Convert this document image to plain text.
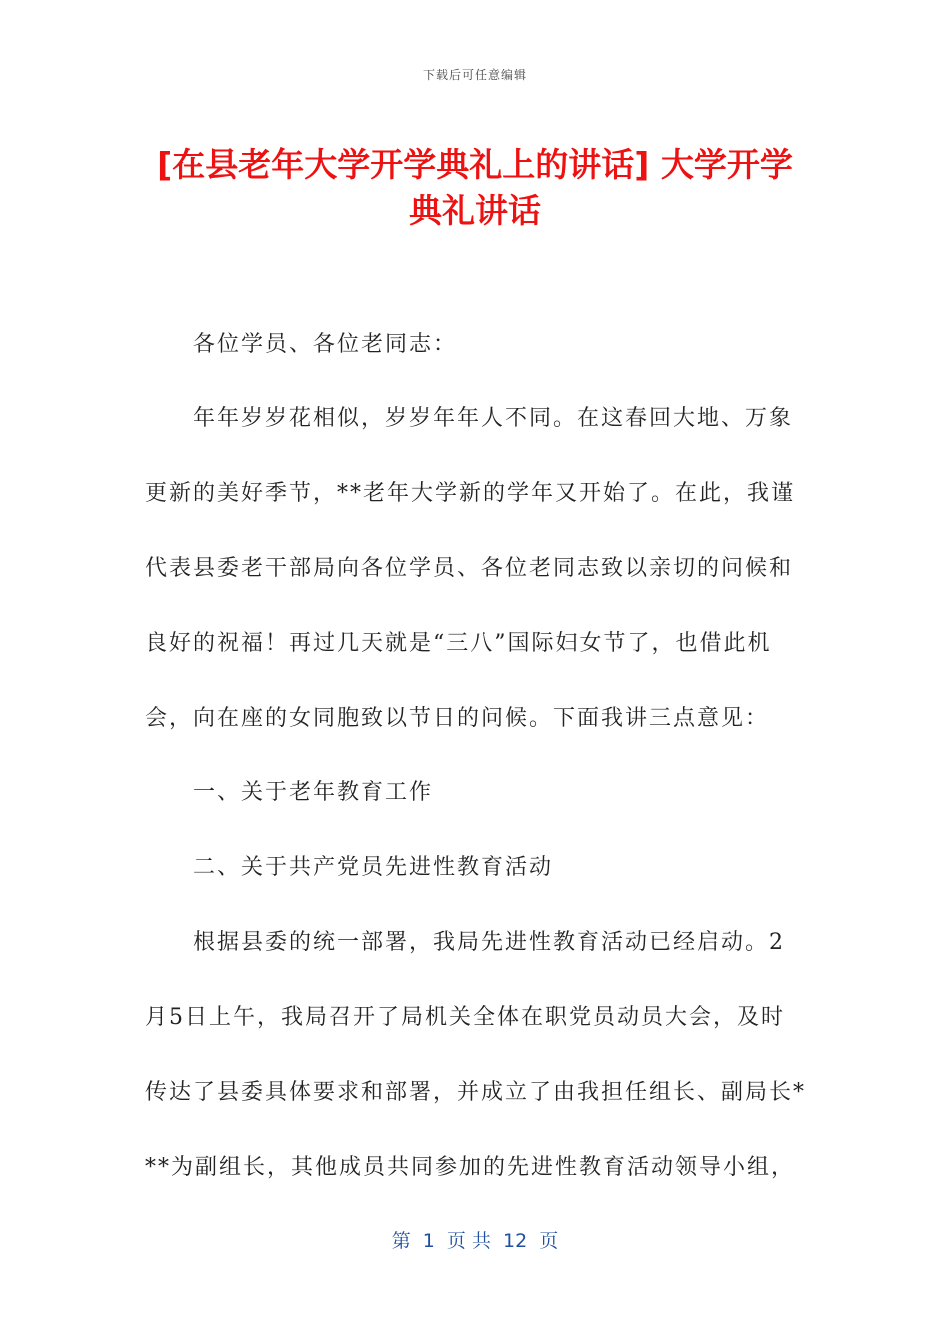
下载后可任意编辑
[在县老年大学开学典礼上的讲话] 大学开学
典礼讲话

各位学员、各位老同志：

年年岁岁花相似，岁岁年年人不同。在这春回大地、万象

更新的美好季节，**老年大学新的学年又开始了。在此，我谨

代表县委老干部局向各位学员、各位老同志致以亲切的问候和

良好的祝福！再过几天就是“三八”国际妇女节了，也借此机

会，向在座的女同胞致以节日的问候。下面我讲三点意见：

一、关于老年教育工作

二、关于共产党员先进性教育活动

根据县委的统一部署，我局先进性教育活动已经启动。2

月5日上午，我局召开了局机关全体在职党员动员大会，及时

传达了县委具体要求和部署，并成立了由我担任组长、副局长*

**为副组长，其他成员共同参加的先进性教育活动领导小组，

第  1  页 共  12  页
